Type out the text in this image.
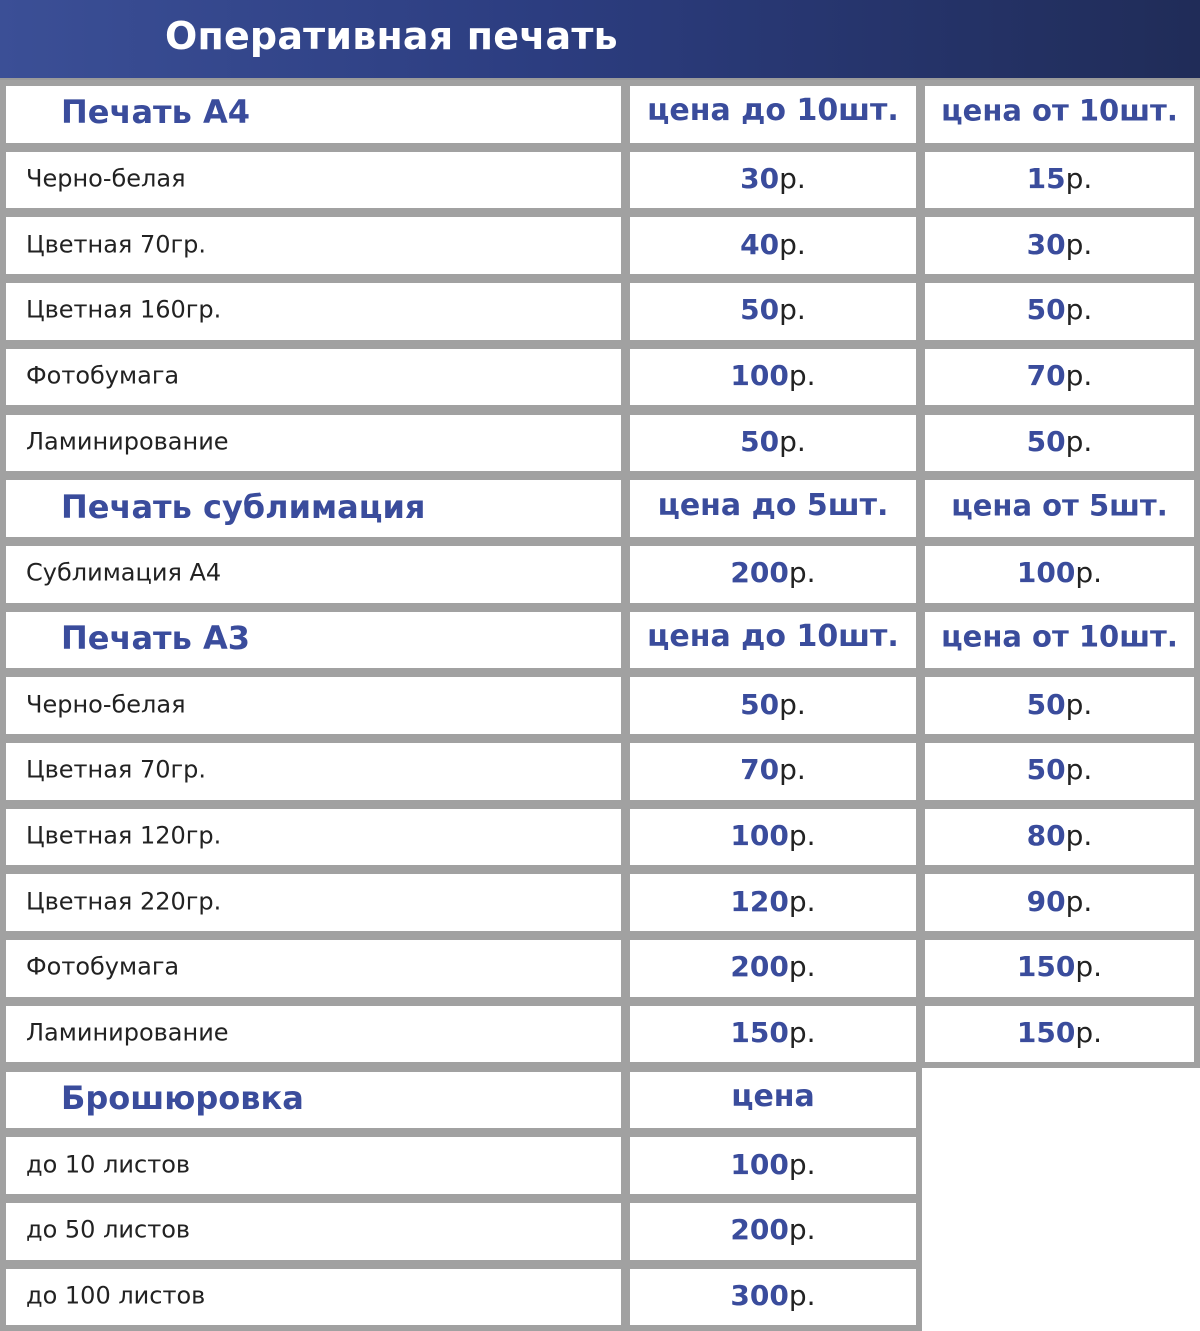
Оперативная печать
Печать А4	цена до 10шт.	цена от 10шт.
Черно-белая	30р.	15р.
Цветная 70гр.	40р.	30р.
Цветная 160гр.	50р.	50р.
Фотобумага	100р.	70р.
Ламинирование	50р.	50р.
Печать сублимация	цена до 5шт.	цена от 5шт.
Сублимация А4	200р.	100р.
Печать А3	цена до 10шт.	цена от 10шт.
Черно-белая	50р.	50р.
Цветная 70гр.	70р.	50р.
Цветная 120гр.	100р.	80р.
Цветная 220гр.	120р.	90р.
Фотобумага	200р.	150р.
Ламинирование	150р.	150р.
Брошюровка	цена
до 10 листов	100р.
до 50 листов	200р.
до 100 листов	300р.
